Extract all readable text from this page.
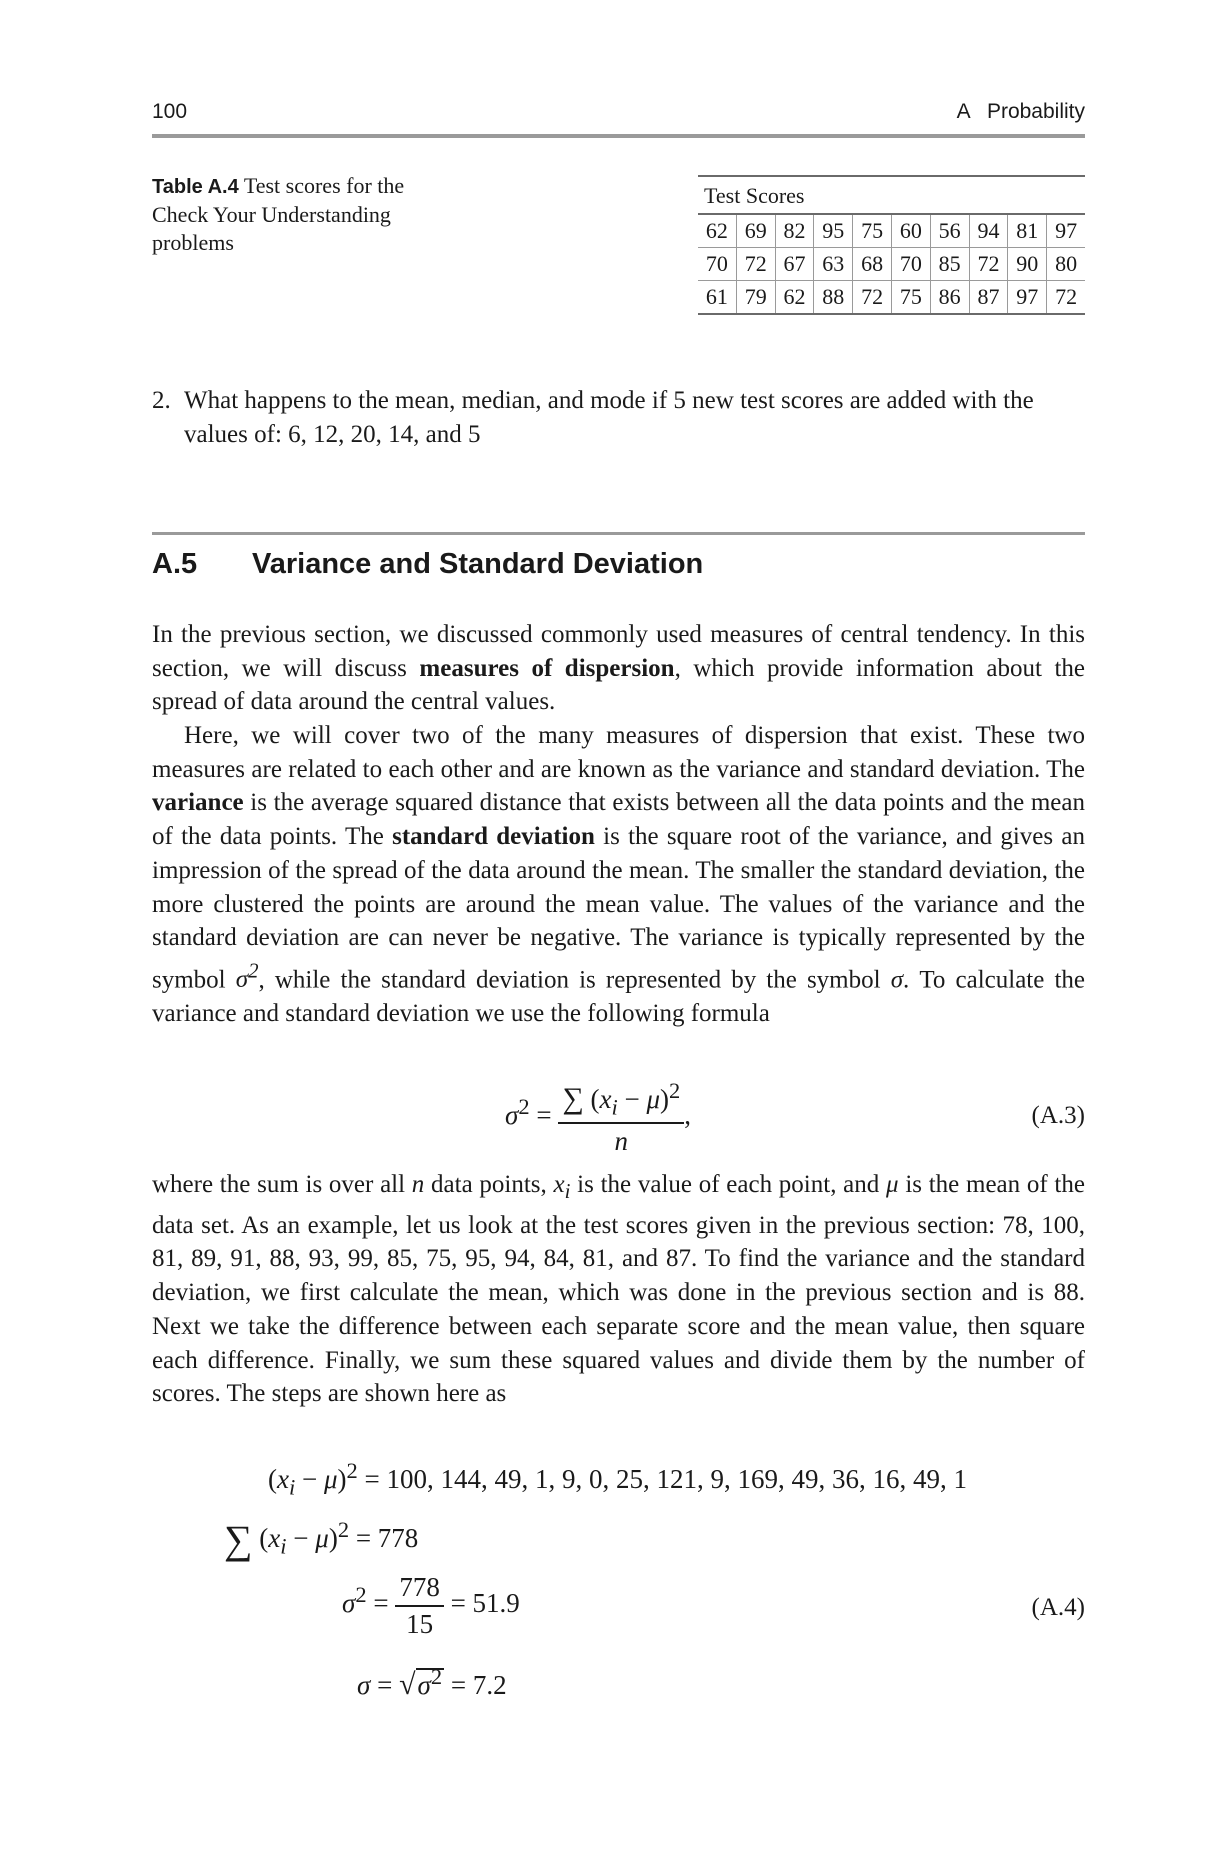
100	A   Probability
Table A.4 Test scores for the Check Your Understanding problems
Test Scores									
62	69	82	95	75	60	56	94	81	97
70	72	67	63	68	70	85	72	90	80
61	79	62	88	72	75	86	87	97	72
2. What happens to the mean, median, and mode if 5 new test scores are added with the values of: 6, 12, 20, 14, and 5
A.5 Variance and Standard Deviation

In the previous section, we discussed commonly used measures of central tendency. In this section, we will discuss measures of dispersion, which provide information about the spread of data around the central values.

Here, we will cover two of the many measures of dispersion that exist. These two measures are related to each other and are known as the variance and standard deviation. The variance is the average squared distance that exists between all the data points and the mean of the data points. The standard deviation is the square root of the variance, and gives an impression of the spread of the data around the mean. The smaller the standard deviation, the more clustered the points are around the mean value. The values of the variance and the standard deviation are can never be negative. The variance is typically represented by the symbol $\sigma^2$, while the standard deviation is represented by the symbol σ. To calculate the variance and standard deviation we use the following formula

$\sigma^2 = \frac{\sum (x_i - \mu)^2}{n}$ ,	(A.3)

where the sum is over all n data points, $x_i$ is the value of each point, and μ is the mean of the data set. As an example, let us look at the test scores given in the previous section: 78, 100, 81, 89, 91, 88, 93, 99, 85, 75, 95, 94, 84, 81, and 87. To find the variance and the standard deviation, we first calculate the mean, which was done in the previous section and is 88. Next we take the difference between each separate score and the mean value, then square each difference. Finally, we sum these squared values and divide them by the number of scores. The steps are shown here as

$(x_i - \mu)^2 = 100$, 144, 49, 1, 9, 0, 25, 121, 9, 169, 49, 36, 16, 49, 1
∑ $(x_i - \mu)^2 = 778$
$\sigma^2 = \frac{778}{15} = 51.9$	(A.4)
$\sigma = √\sigma^2 = 7.2$
